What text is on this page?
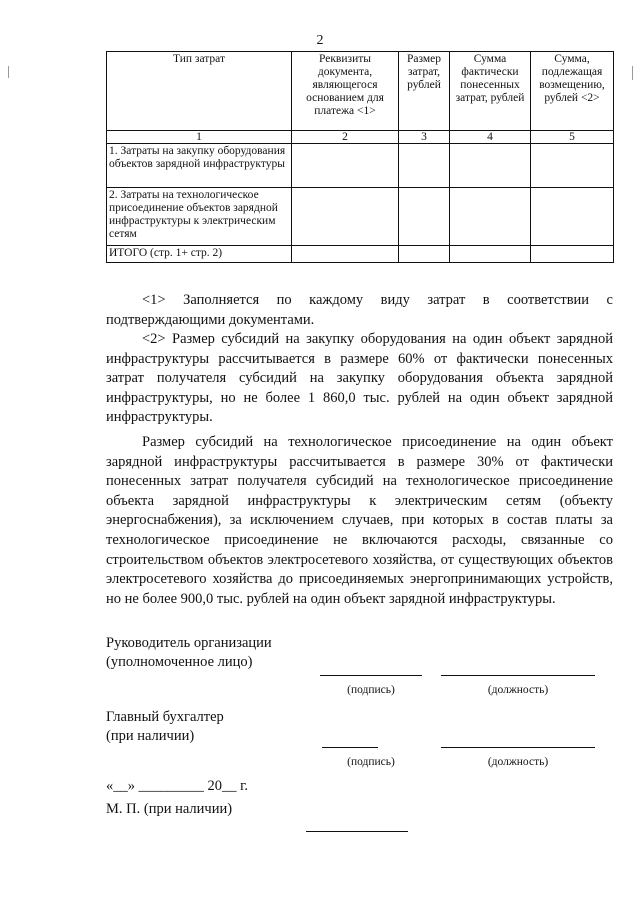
2
Тип затрат	Реквизиты документа, являющегося основанием для платежа <1>	Размер затрат, рублей	Сумма фактически понесенных затрат, рублей	Сумма, подлежащая возмещению, рублей <2>
1	2	3	4	5
1. Затраты на закупку оборудования объектов зарядной инфраструктуры				
2. Затраты на технологическое присоединение объектов зарядной инфраструктуры к электрическим сетям				
ИТОГО (стр. 1+ стр. 2)				
<1> Заполняется по каждому виду затрат в соответствии с подтверждающими документами.
<2> Размер субсидий на закупку оборудования на один объект зарядной инфраструктуры рассчитывается в размере 60% от фактически понесенных затрат получателя субсидий на закупку оборудования объекта зарядной инфраструктуры, но не более 1 860,0 тыс. рублей на один объект зарядной инфраструктуры.
Размер субсидий на технологическое присоединение на один объект зарядной инфраструктуры рассчитывается в размере 30% от фактически понесенных затрат получателя субсидий на технологическое присоединение объекта зарядной инфраструктуры к электрическим сетям (объекту энергоснабжения), за исключением случаев, при которых в состав платы за технологическое присоединение не включаются расходы, связанные со строительством объектов электросетевого хозяйства, от существующих объектов электросетевого хозяйства до присоединяемых энергопринимающих устройств, но не более 900,0 тыс. рублей на один объект зарядной инфраструктуры.
Руководитель организации
(уполномоченное лицо)
(подпись)	(должность)
Главный бухгалтер
(при наличии)
(подпись)	(должность)
«__» _________ 20__ г.
М. П. (при наличии)
